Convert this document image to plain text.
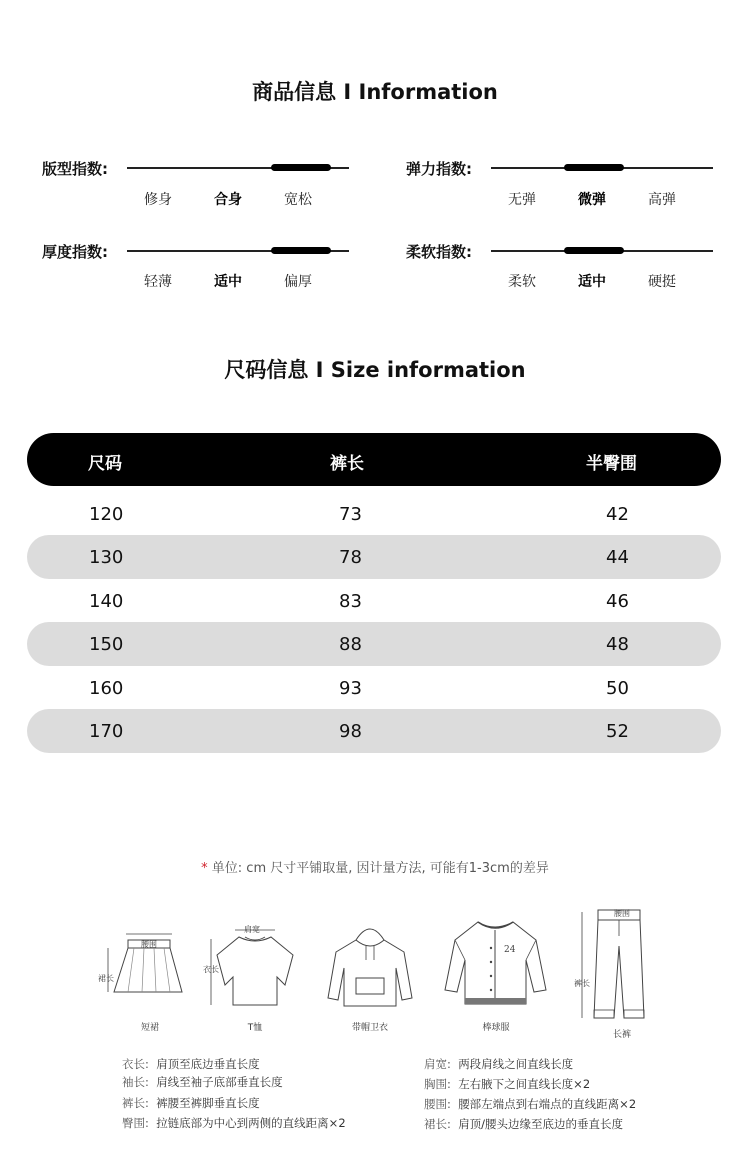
商品信息 I Information
版型指数:
修身	合身	宽松
弹力指数:
无弹	微弹	高弹
厚度指数:
轻薄	适中	偏厚
柔软指数:
柔软	适中	硬挺
尺码信息 I Size information
尺码	裤长	半臀围
120	73	42
130	78	44
140	83	46
150	88	48
160	93	50
170	98	52
* 单位: cm 尺寸平铺取量, 因计量方法, 可能有1-3cm的差异
腰围
裙长
短裙
肩宽
衣长
T恤	带帽卫衣
24
棒球服
腰围
裤长
长裤
衣长: 肩顶至底边垂直长度
袖长: 肩线至袖子底部垂直长度
裤长: 裤腰至裤脚垂直长度
臀围: 拉链底部为中心到两侧的直线距离×2
肩宽: 两段肩线之间直线长度
胸围: 左右腋下之间直线长度×2
腰围: 腰部左端点到右端点的直线距离×2
裙长: 肩顶/腰头边缘至底边的垂直长度
